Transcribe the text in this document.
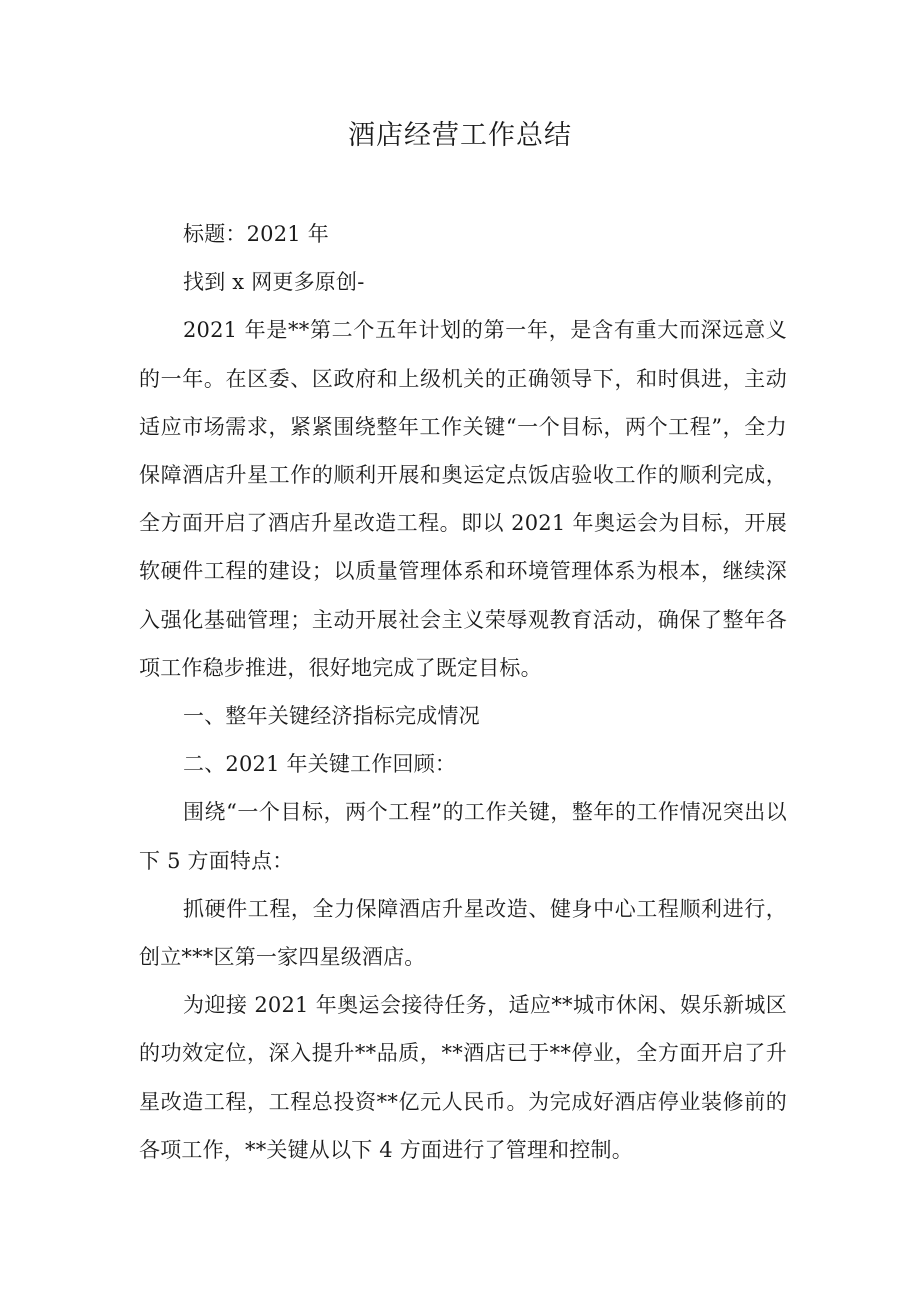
酒店经营工作总结

标题：2021 年

找到 x 网更多原创-

2021 年是**第二个五年计划的第一年，是含有重大而深远意义的一年。在区委、区政府和上级机关的正确领导下，和时俱进，主动适应市场需求，紧紧围绕整年工作关键“一个目标，两个工程”，全力保障酒店升星工作的顺利开展和奥运定点饭店验收工作的顺利完成，全方面开启了酒店升星改造工程。即以 2021 年奥运会为目标，开展软硬件工程的建设；以质量管理体系和环境管理体系为根本，继续深入强化基础管理；主动开展社会主义荣辱观教育活动，确保了整年各项工作稳步推进，很好地完成了既定目标。

一、整年关键经济指标完成情况

二、2021 年关键工作回顾：

围绕“一个目标，两个工程”的工作关键，整年的工作情况突出以下 5 方面特点：

抓硬件工程，全力保障酒店升星改造、健身中心工程顺利进行，创立***区第一家四星级酒店。

为迎接 2021 年奥运会接待任务，适应**城市休闲、娱乐新城区的功效定位，深入提升**品质，**酒店已于**停业，全方面开启了升星改造工程，工程总投资**亿元人民币。为完成好酒店停业装修前的各项工作，**关键从以下 4 方面进行了管理和控制。
